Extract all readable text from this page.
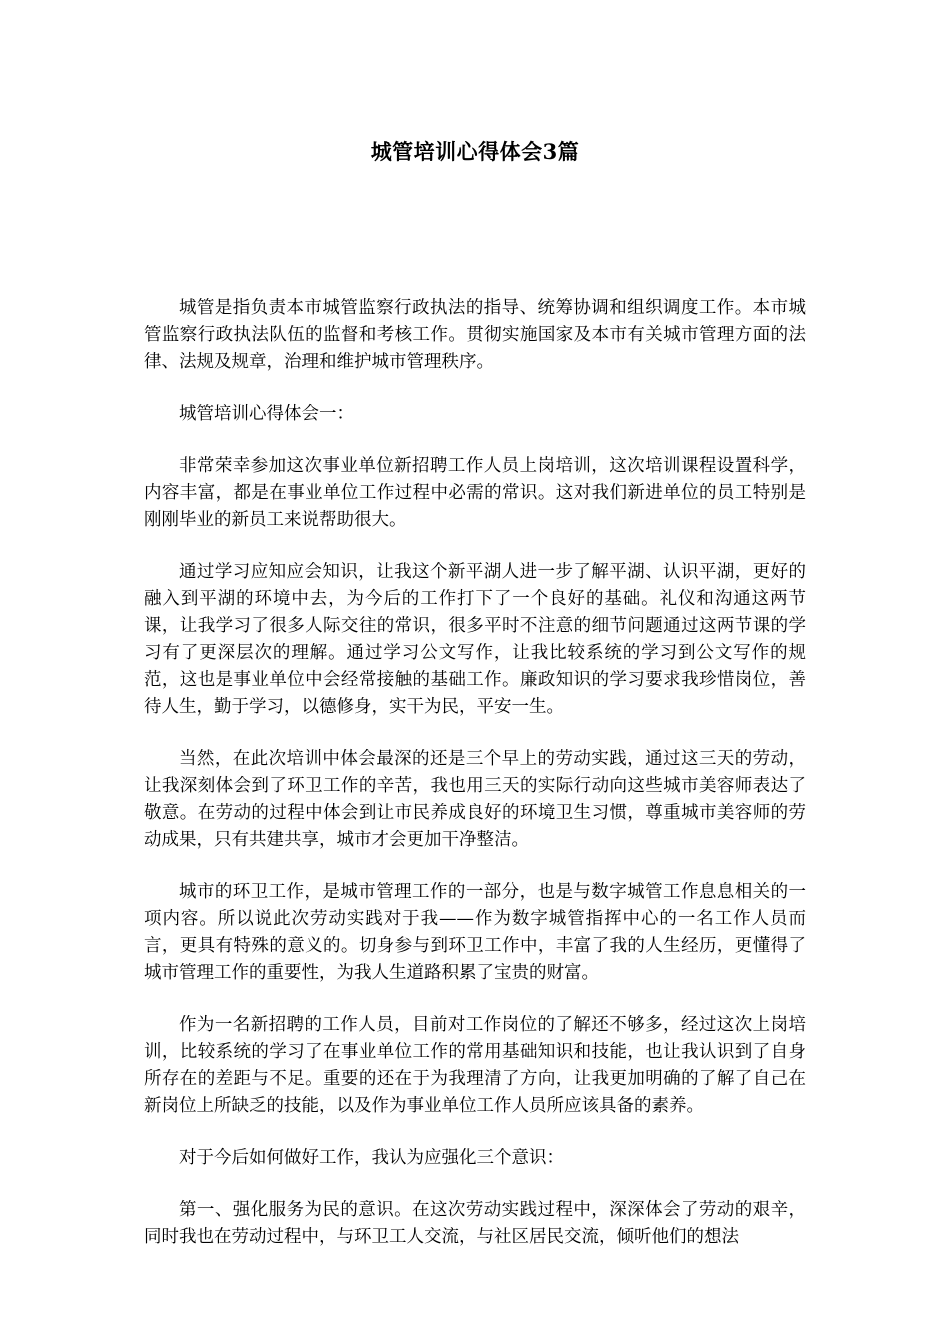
城管培训心得体会3篇

城管是指负责本市城管监察行政执法的指导、统筹协调和组织调度工作。本市城管监察行政执法队伍的监督和考核工作。贯彻实施国家及本市有关城市管理方面的法律、法规及规章，治理和维护城市管理秩序。

城管培训心得体会一：

非常荣幸参加这次事业单位新招聘工作人员上岗培训，这次培训课程设置科学，内容丰富，都是在事业单位工作过程中必需的常识。这对我们新进单位的员工特别是刚刚毕业的新员工来说帮助很大。

通过学习应知应会知识，让我这个新平湖人进一步了解平湖、认识平湖，更好的融入到平湖的环境中去，为今后的工作打下了一个良好的基础。礼仪和沟通这两节课，让我学习了很多人际交往的常识，很多平时不注意的细节问题通过这两节课的学习有了更深层次的理解。通过学习公文写作，让我比较系统的学习到公文写作的规范，这也是事业单位中会经常接触的基础工作。廉政知识的学习要求我珍惜岗位，善待人生，勤于学习，以德修身，实干为民，平安一生。

当然，在此次培训中体会最深的还是三个早上的劳动实践，通过这三天的劳动，让我深刻体会到了环卫工作的辛苦，我也用三天的实际行动向这些城市美容师表达了敬意。在劳动的过程中体会到让市民养成良好的环境卫生习惯，尊重城市美容师的劳动成果，只有共建共享，城市才会更加干净整洁。

城市的环卫工作，是城市管理工作的一部分，也是与数字城管工作息息相关的一项内容。所以说此次劳动实践对于我——作为数字城管指挥中心的一名工作人员而言，更具有特殊的意义的。切身参与到环卫工作中，丰富了我的人生经历，更懂得了城市管理工作的重要性，为我人生道路积累了宝贵的财富。

作为一名新招聘的工作人员，目前对工作岗位的了解还不够多，经过这次上岗培训，比较系统的学习了在事业单位工作的常用基础知识和技能，也让我认识到了自身所存在的差距与不足。重要的还在于为我理清了方向，让我更加明确的了解了自己在新岗位上所缺乏的技能，以及作为事业单位工作人员所应该具备的素养。

对于今后如何做好工作，我认为应强化三个意识：

第一、强化服务为民的意识。在这次劳动实践过程中，深深体会了劳动的艰辛，同时我也在劳动过程中，与环卫工人交流，与社区居民交流，倾听他们的想法
